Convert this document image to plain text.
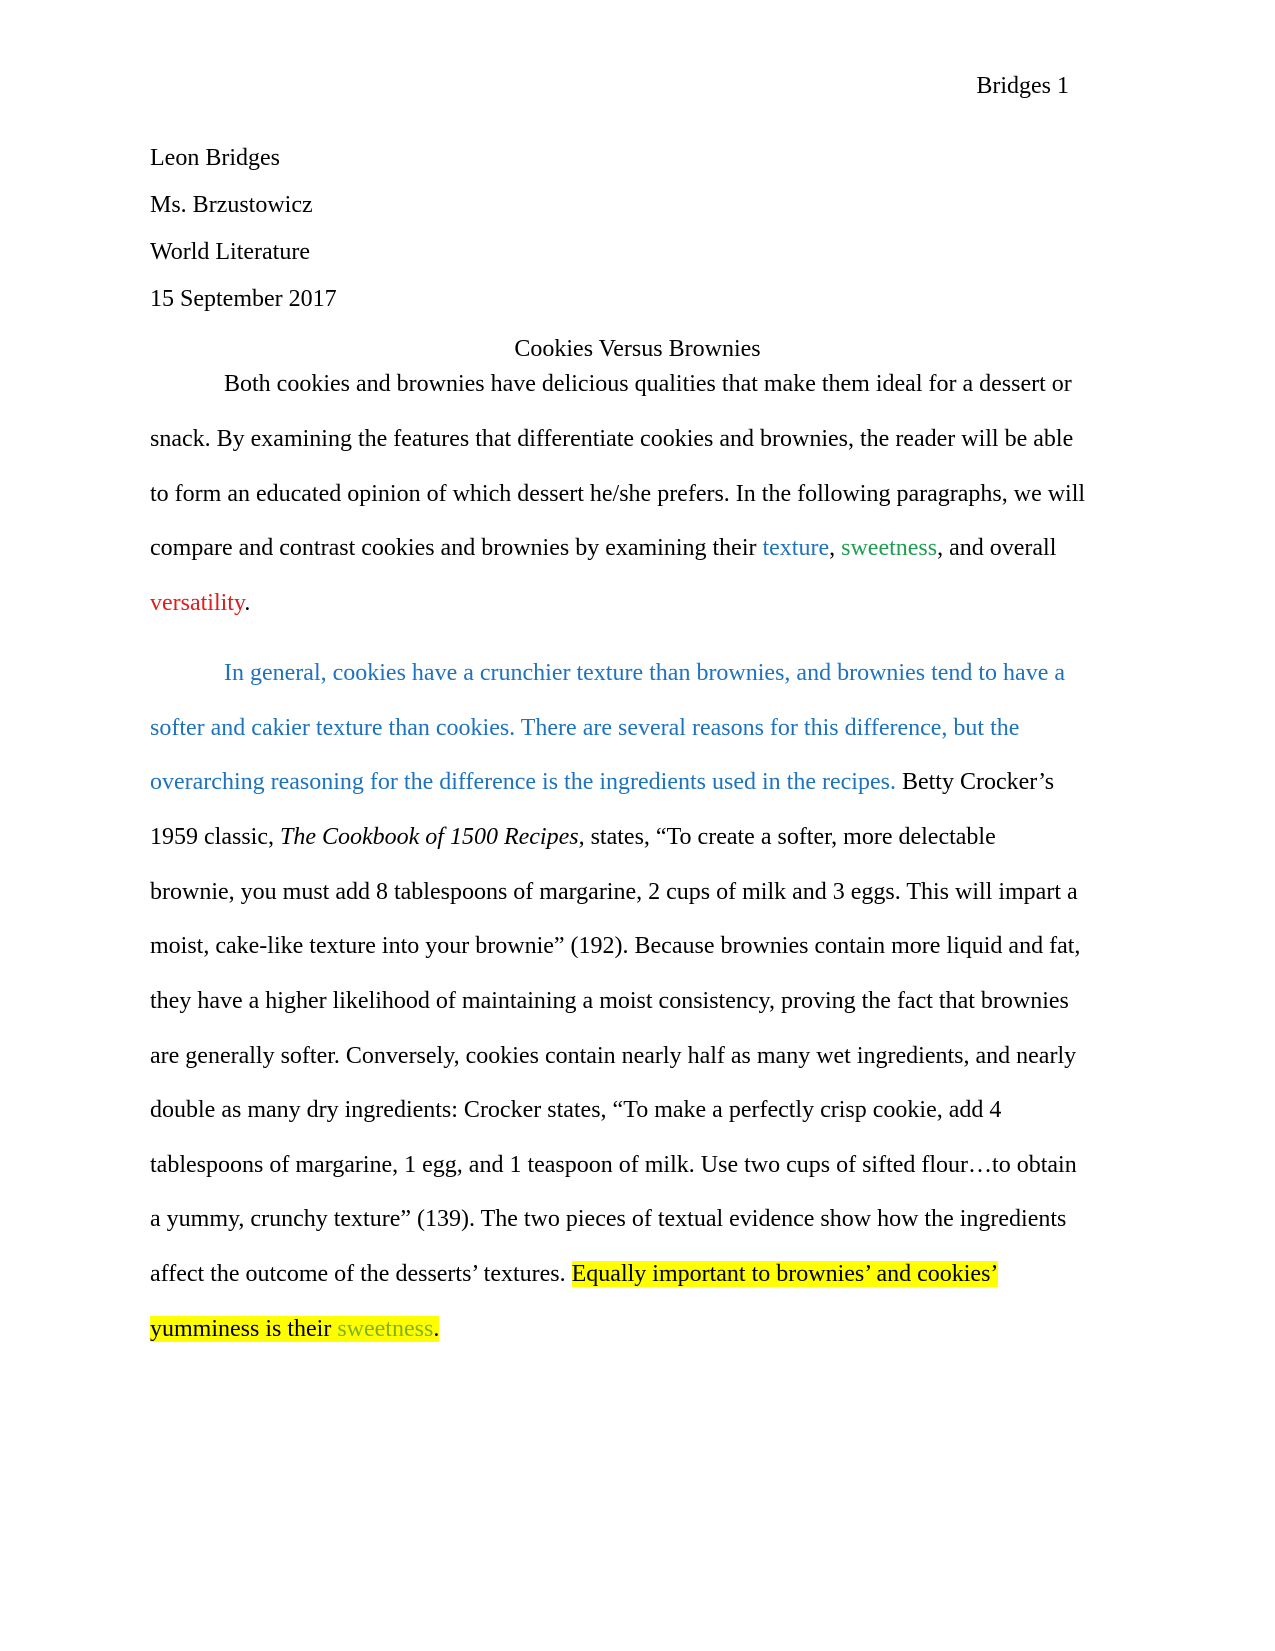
Bridges 1
Leon Bridges
Ms. Brzustowicz
World Literature
15 September 2017
Cookies Versus Brownies
Both cookies and brownies have delicious qualities that make them ideal for a dessert or
snack. By examining the features that differentiate cookies and brownies, the reader will be able
to form an educated opinion of which dessert he/she prefers. In the following paragraphs, we will
compare and contrast cookies and brownies by examining their texture, sweetness, and overall
versatility.
In general, cookies have a crunchier texture than brownies, and brownies tend to have a
softer and cakier texture than cookies. There are several reasons for this difference, but the
overarching reasoning for the difference is the ingredients used in the recipes. Betty Crocker’s
1959 classic, The Cookbook of 1500 Recipes, states, “To create a softer, more delectable
brownie, you must add 8 tablespoons of margarine, 2 cups of milk and 3 eggs. This will impart a
moist, cake-like texture into your brownie” (192). Because brownies contain more liquid and fat,
they have a higher likelihood of maintaining a moist consistency, proving the fact that brownies
are generally softer. Conversely, cookies contain nearly half as many wet ingredients, and nearly
double as many dry ingredients: Crocker states, “To make a perfectly crisp cookie, add 4
tablespoons of margarine, 1 egg, and 1 teaspoon of milk. Use two cups of sifted flour…to obtain
a yummy, crunchy texture” (139). The two pieces of textual evidence show how the ingredients
affect the outcome of the desserts’ textures. Equally important to brownies’ and cookies’
yumminess is their sweetness.
